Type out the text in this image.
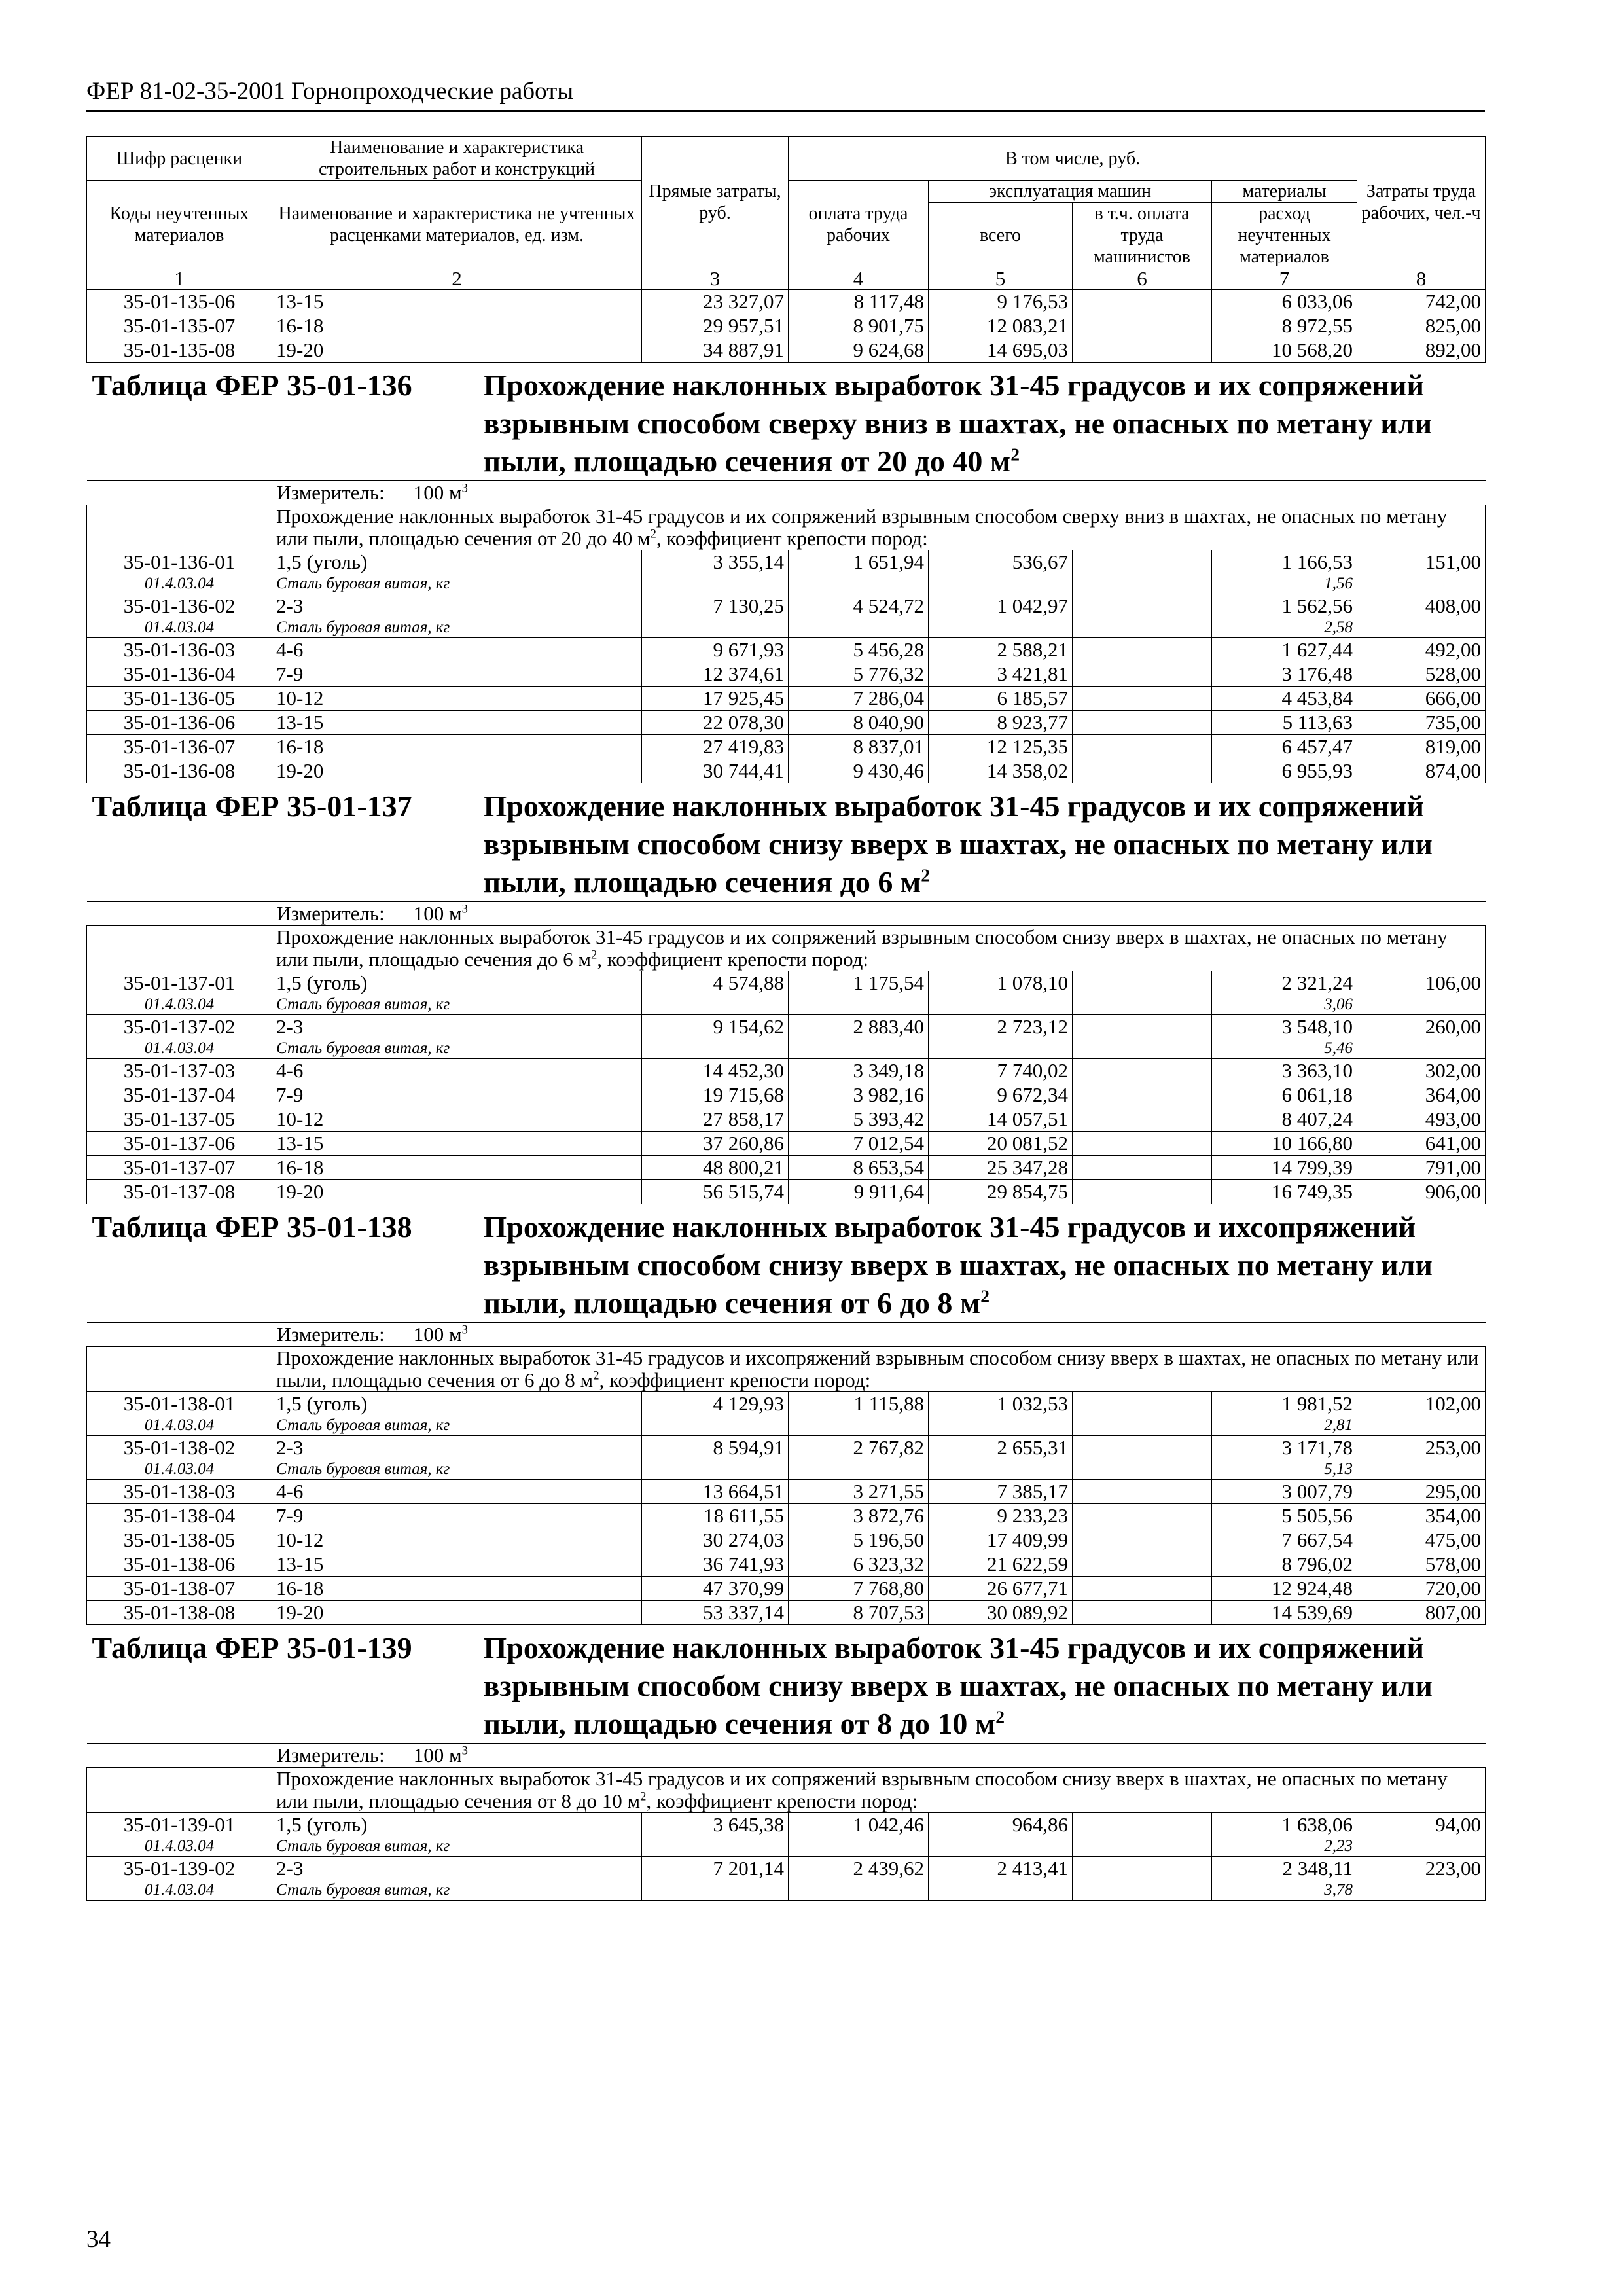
ФЕР 81-02-35-2001 Горнопроходческие работы
Шифр расценки	Наименование и характеристика строительных работ и конструкций	Прямые затраты, руб.	В том числе, руб.				Затраты труда рабочих, чел.-ч
Коды неучтенных материалов	Наименование и характеристика не учтенных расценками материалов, ед. изм.		оплата труда рабочих	эксплуатация машин		материалы	
				всего	в т.ч. оплата труда машинистов	расход неучтенных материалов	
1	2	3	4	5	6	7	8
35-01-135-06	13-15	23 327,07	8 117,48	9 176,53		6 033,06	742,00
35-01-135-07	16-18	29 957,51	8 901,75	12 083,21		8 972,55	825,00
35-01-135-08	19-20	34 887,91	9 624,68	14 695,03		10 568,20	892,00
Таблица ФЕР 35-01-136 Прохождение наклонных выработок 31-45 градусов и их сопряжений взрывным способом сверху вниз в шахтах, не опасных по метану или пыли, площадью сечения от 20 до 40 $м^2$
Измеритель: 100 $м^3$
	Прохождение наклонных выработок 31-45 градусов и их сопряжений взрывным способом сверху вниз в шахтах, не опасных по метану или пыли, площадью сечения от 20 до 40 $м^2$, коэффициент крепости пород:						
35-01-136-01	1,5 (уголь)	3 355,14	1 651,94	536,67		1 166,53	151,00
01.4.03.04	Сталь буровая витая, кг					1,56	
35-01-136-02	2-3	7 130,25	4 524,72	1 042,97		1 562,56	408,00
01.4.03.04	Сталь буровая витая, кг					2,58	
35-01-136-03	4-6	9 671,93	5 456,28	2 588,21		1 627,44	492,00
35-01-136-04	7-9	12 374,61	5 776,32	3 421,81		3 176,48	528,00
35-01-136-05	10-12	17 925,45	7 286,04	6 185,57		4 453,84	666,00
35-01-136-06	13-15	22 078,30	8 040,90	8 923,77		5 113,63	735,00
35-01-136-07	16-18	27 419,83	8 837,01	12 125,35		6 457,47	819,00
35-01-136-08	19-20	30 744,41	9 430,46	14 358,02		6 955,93	874,00
Таблица ФЕР 35-01-137 Прохождение наклонных выработок 31-45 градусов и их сопряжений взрывным способом снизу вверх в шахтах, не опасных по метану или пыли, площадью сечения до 6 $м^2$
Измеритель: 100 $м^3$
	Прохождение наклонных выработок 31-45 градусов и их сопряжений взрывным способом снизу вверх в шахтах, не опасных по метану или пыли, площадью сечения до 6 $м^2$, коэффициент крепости пород:						
35-01-137-01	1,5 (уголь)	4 574,88	1 175,54	1 078,10		2 321,24	106,00
01.4.03.04	Сталь буровая витая, кг					3,06	
35-01-137-02	2-3	9 154,62	2 883,40	2 723,12		3 548,10	260,00
01.4.03.04	Сталь буровая витая, кг					5,46	
35-01-137-03	4-6	14 452,30	3 349,18	7 740,02		3 363,10	302,00
35-01-137-04	7-9	19 715,68	3 982,16	9 672,34		6 061,18	364,00
35-01-137-05	10-12	27 858,17	5 393,42	14 057,51		8 407,24	493,00
35-01-137-06	13-15	37 260,86	7 012,54	20 081,52		10 166,80	641,00
35-01-137-07	16-18	48 800,21	8 653,54	25 347,28		14 799,39	791,00
35-01-137-08	19-20	56 515,74	9 911,64	29 854,75		16 749,35	906,00
Таблица ФЕР 35-01-138 Прохождение наклонных выработок 31-45 градусов и ихсопряжений взрывным способом снизу вверх в шахтах, не опасных по метану или пыли, площадью сечения от 6 до 8 $м^2$
Измеритель: 100 $м^3$
	Прохождение наклонных выработок 31-45 градусов и ихсопряжений взрывным способом снизу вверх в шахтах, не опасных по метану или пыли, площадью сечения от 6 до 8 $м^2$, коэффициент крепости пород:						
35-01-138-01	1,5 (уголь)	4 129,93	1 115,88	1 032,53		1 981,52	102,00
01.4.03.04	Сталь буровая витая, кг					2,81	
35-01-138-02	2-3	8 594,91	2 767,82	2 655,31		3 171,78	253,00
01.4.03.04	Сталь буровая витая, кг					5,13	
35-01-138-03	4-6	13 664,51	3 271,55	7 385,17		3 007,79	295,00
35-01-138-04	7-9	18 611,55	3 872,76	9 233,23		5 505,56	354,00
35-01-138-05	10-12	30 274,03	5 196,50	17 409,99		7 667,54	475,00
35-01-138-06	13-15	36 741,93	6 323,32	21 622,59		8 796,02	578,00
35-01-138-07	16-18	47 370,99	7 768,80	26 677,71		12 924,48	720,00
35-01-138-08	19-20	53 337,14	8 707,53	30 089,92		14 539,69	807,00
Таблица ФЕР 35-01-139 Прохождение наклонных выработок 31-45 градусов и их сопряжений взрывным способом снизу вверх в шахтах, не опасных по метану или пыли, площадью сечения от 8 до 10 $м^2$
Измеритель: 100 $м^3$
	Прохождение наклонных выработок 31-45 градусов и их сопряжений взрывным способом снизу вверх в шахтах, не опасных по метану или пыли, площадью сечения от 8 до 10 $м^2$, коэффициент крепости пород:						
35-01-139-01	1,5 (уголь)	3 645,38	1 042,46	964,86		1 638,06	94,00
01.4.03.04	Сталь буровая витая, кг					2,23	
35-01-139-02	2-3	7 201,14	2 439,62	2 413,41		2 348,11	223,00
01.4.03.04	Сталь буровая витая, кг					3,78	
34
